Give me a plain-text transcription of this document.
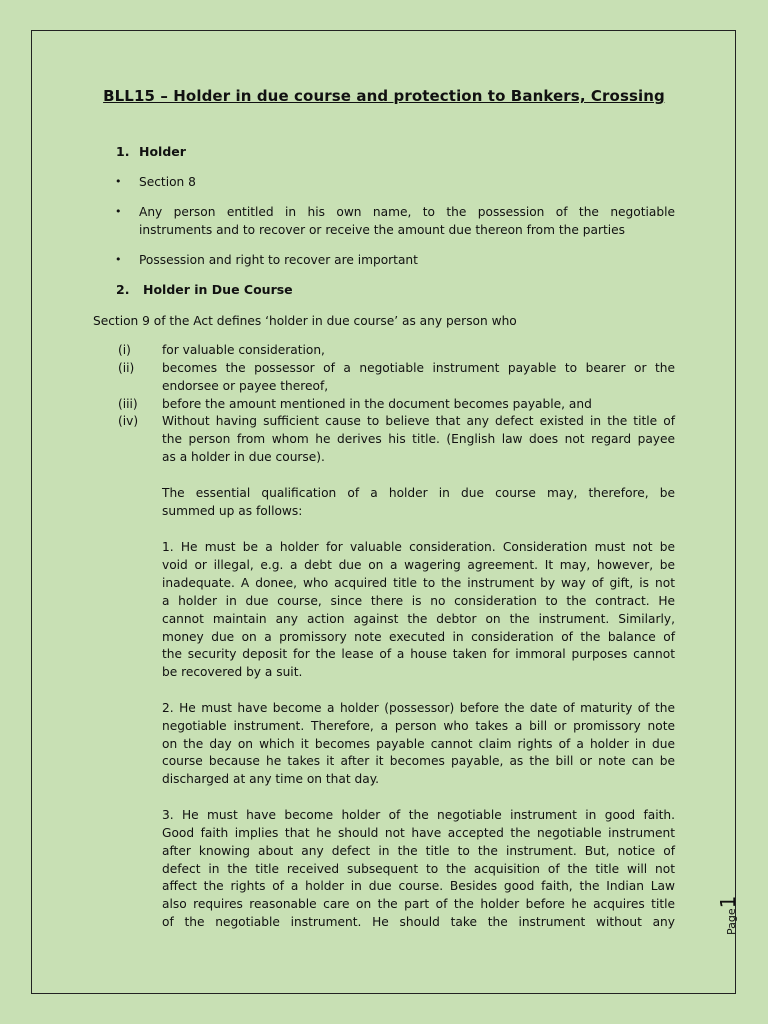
BLL15 – Holder in due course and protection to Bankers, Crossing
1. Holder
• Section 8
• Any person entitled in his own name, to the possession of the negotiable
instruments and to recover or receive the amount due thereon from the parties
• Possession and right to recover are important
2. Holder in Due Course
Section 9 of the Act defines ‘holder in due course’ as any person who
(i)	for valuable consideration,
(ii) becomes the possessor of a negotiable instrument payable to bearer or the
endorsee or payee thereof,
(iii) before the amount mentioned in the document becomes payable, and
(iv) Without having sufficient cause to believe that any defect existed in the title of
the person from whom he derives his title. (English law does not regard payee
as a holder in due course).
The essential qualification of a holder in due course may, therefore, be
summed up as follows:
1. He must be a holder for valuable consideration. Consideration must not be
void or illegal, e.g. a debt due on a wagering agreement. It may, however, be
inadequate. A donee, who acquired title to the instrument by way of gift, is not
a holder in due course, since there is no consideration to the contract. He
cannot maintain any action against the debtor on the instrument. Similarly,
money due on a promissory note executed in consideration of the balance of
the security deposit for the lease of a house taken for immoral purposes cannot
be recovered by a suit.
2. He must have become a holder (possessor) before the date of maturity of the
negotiable instrument. Therefore, a person who takes a bill or promissory note
on the day on which it becomes payable cannot claim rights of a holder in due
course because he takes it after it becomes payable, as the bill or note can be
discharged at any time on that day.
3. He must have become holder of the negotiable instrument in good faith.
Good faith implies that he should not have accepted the negotiable instrument
after knowing about any defect in the title to the instrument. But, notice of
defect in the title received subsequent to the acquisition of the title will not
affect the rights of a holder in due course. Besides good faith, the Indian Law
also requires reasonable care on the part of the holder before he acquires title
of the negotiable instrument. He should take the instrument without any	Page1
